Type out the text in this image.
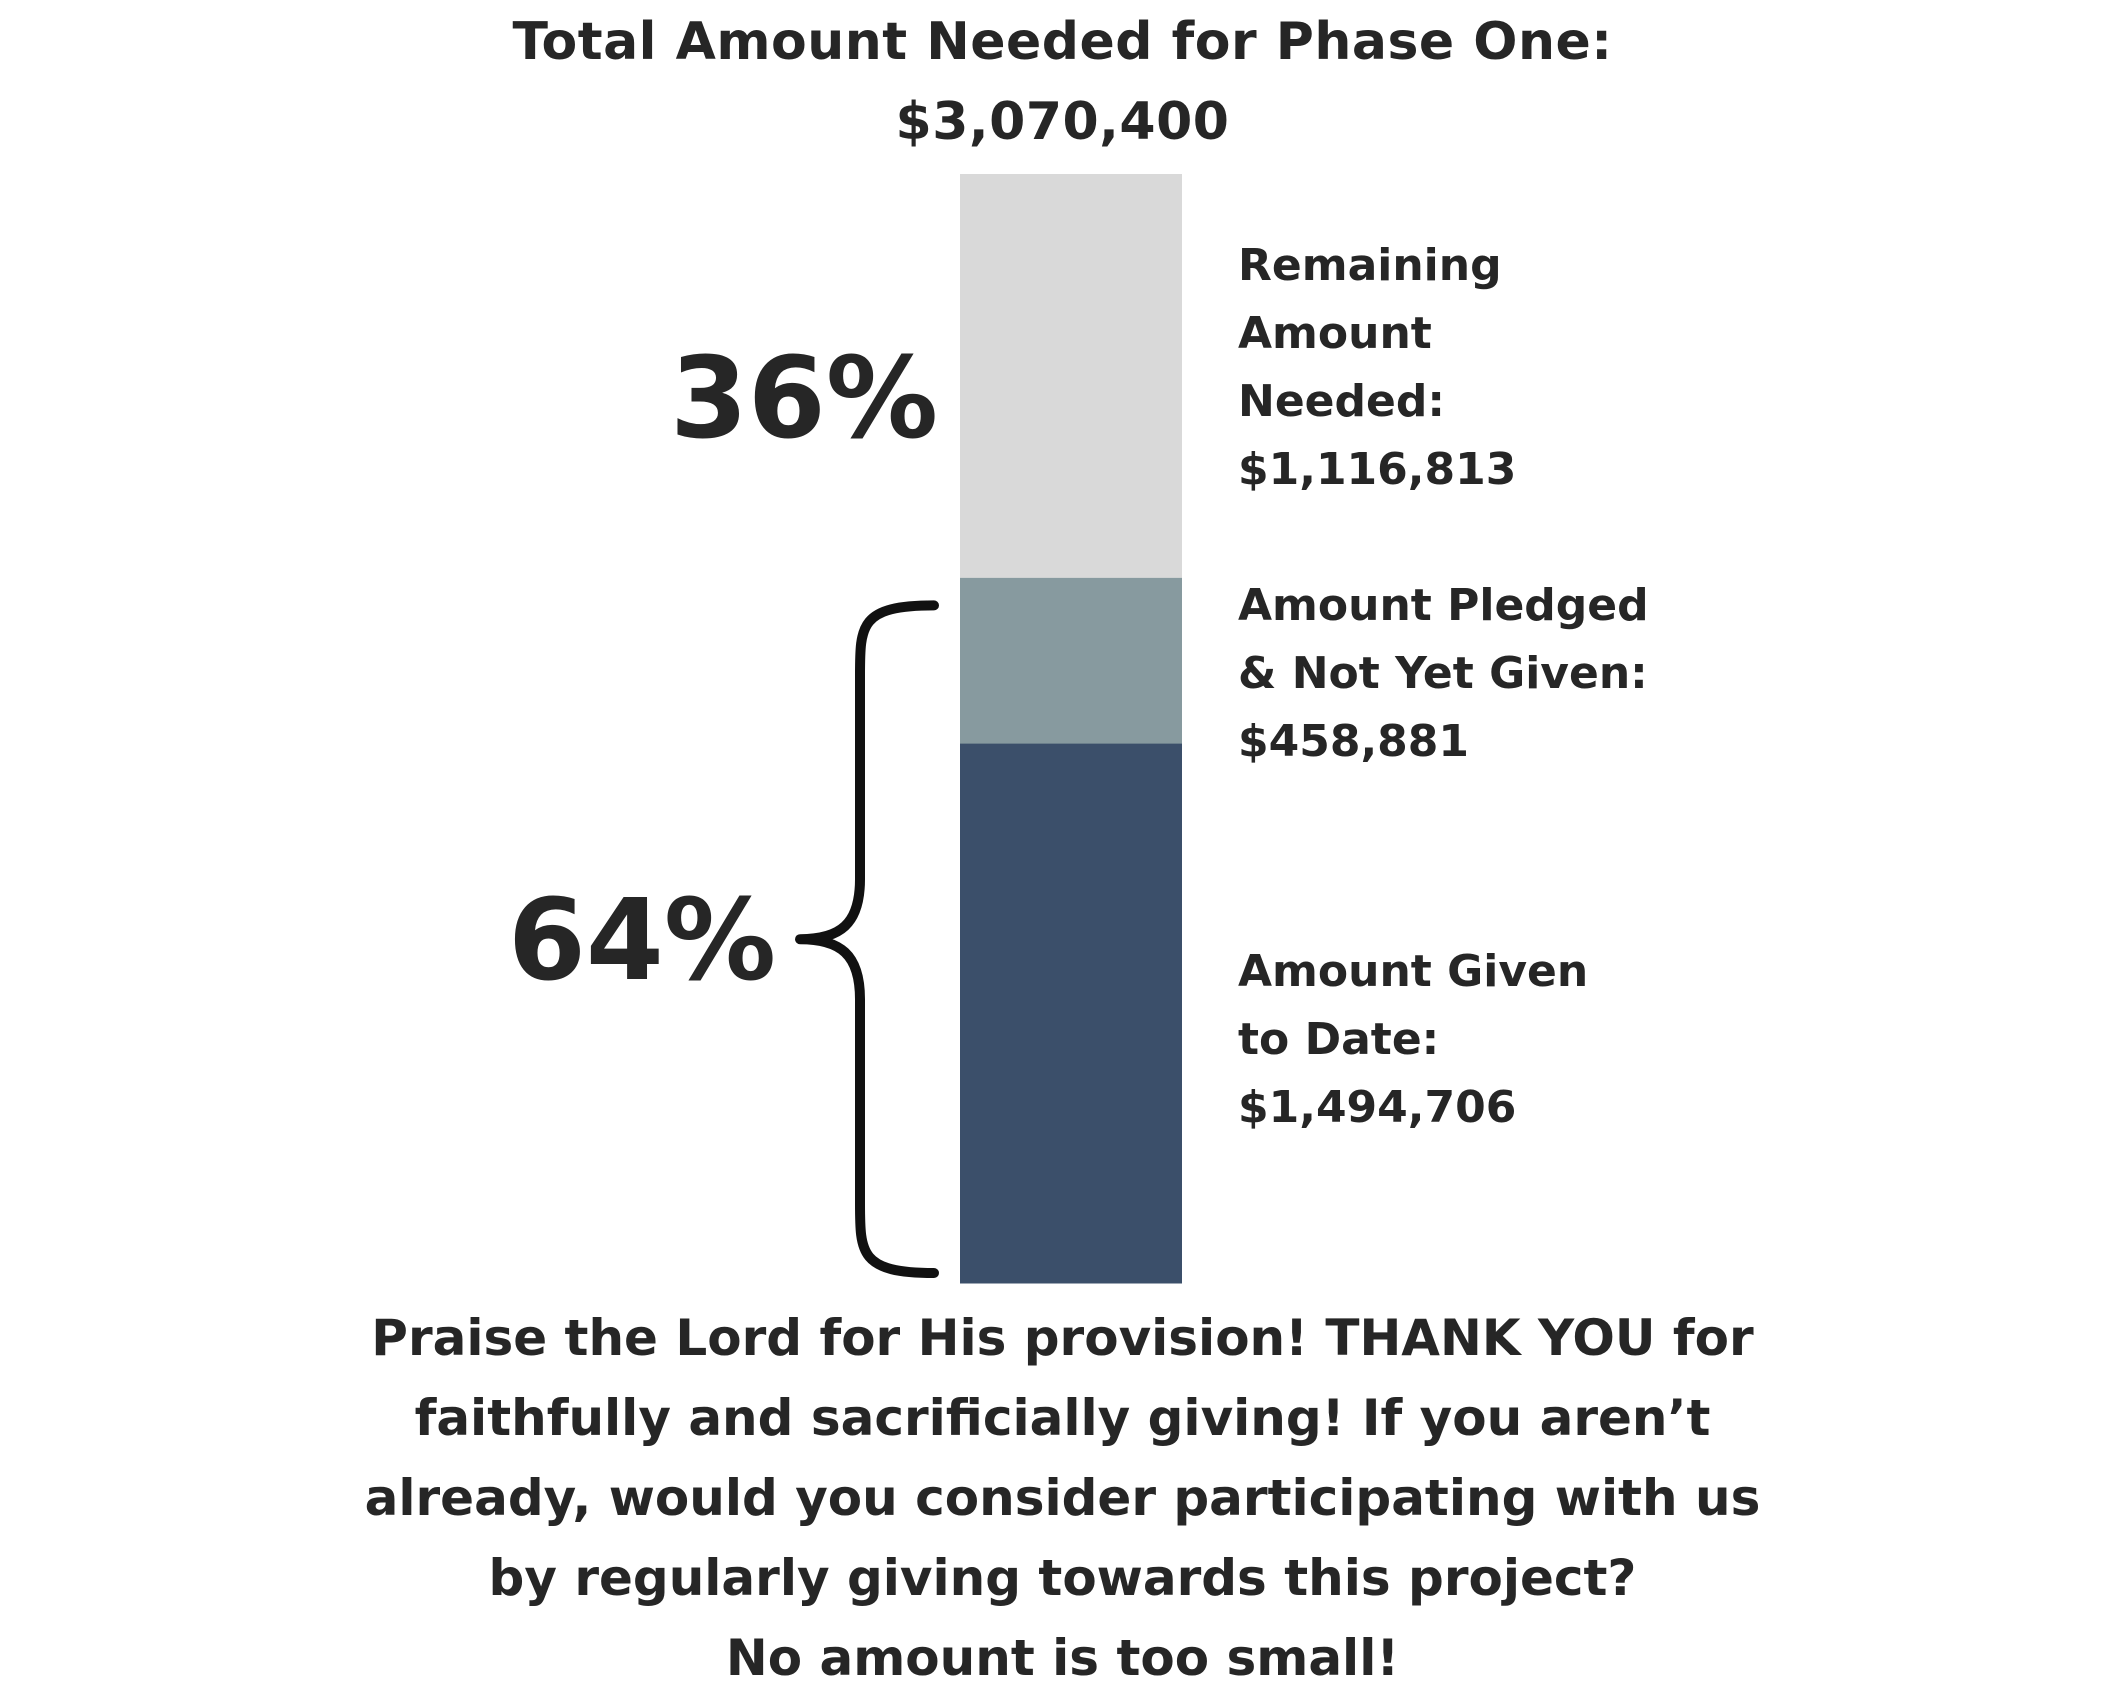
Total Amount Needed for Phase One:
$3,070,400
36%
64%
Remaining
Amount
Needed:
$1,116,813
Amount Pledged
& Not Yet Given:
$458,881
Amount Given
to Date:
$1,494,706
Praise the Lord for His provision! THANK YOU for
faithfully and sacrificially giving! If you aren’t
already, would you consider participating with us
by regularly giving towards this project?
No amount is too small!
